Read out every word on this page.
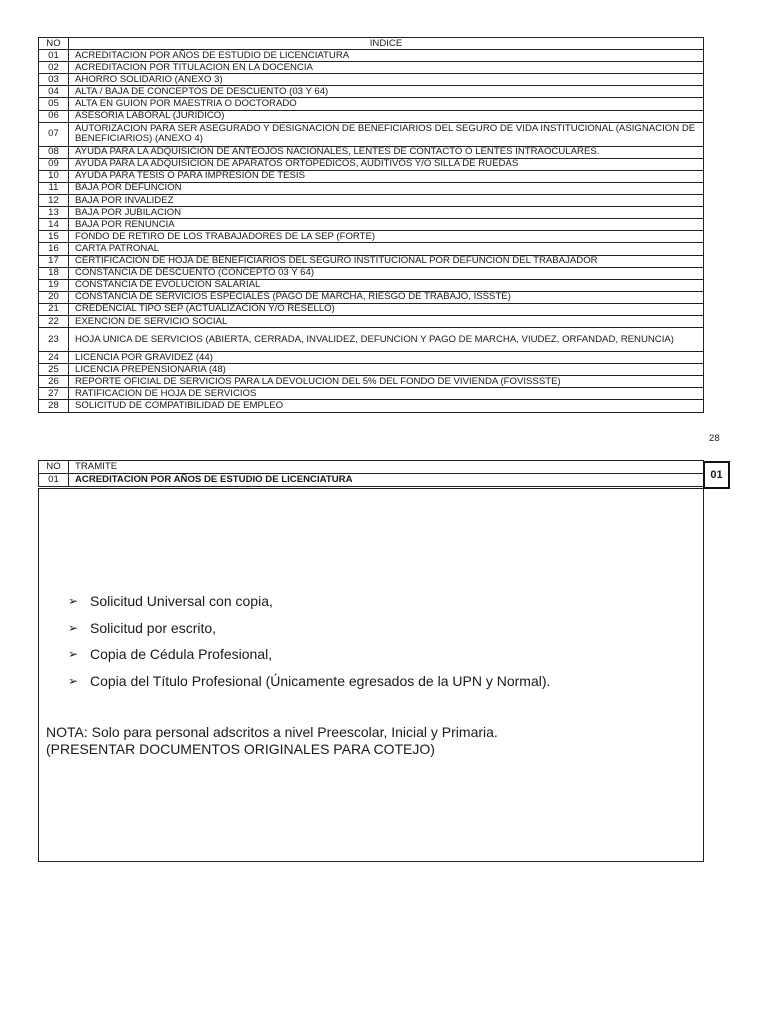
NO	INDICE
01	ACREDITACION POR AÑOS DE ESTUDIO DE LICENCIATURA
02	ACREDITACION POR TITULACION EN LA DOCENCIA
03	AHORRO SOLIDARIO (ANEXO 3)
04	ALTA / BAJA DE CONCEPTOS DE DESCUENTO (03 Y 64)
05	ALTA EN GUION POR MAESTRIA O DOCTORADO
06	ASESORIA LABORAL (JURIDICO)
07	AUTORIZACION PARA SER ASEGURADO Y DESIGNACION DE BENEFICIARIOS DEL SEGURO DE VIDA INSTITUCIONAL (ASIGNACION DE BENEFICIARIOS) (ANEXO 4)
08	AYUDA PARA LA ADQUISICION DE ANTEOJOS NACIONALES, LENTES DE CONTACTO O LENTES INTRAOCULARES.
09	AYUDA PARA LA ADQUISICION DE APARATOS ORTOPEDICOS, AUDITIVOS Y/O SILLA DE RUEDAS
10	AYUDA PARA TESIS O PARA IMPRESION DE TESIS
11	BAJA POR DEFUNCION
12	BAJA POR INVALIDEZ
13	BAJA POR JUBILACION
14	BAJA POR RENUNCIA
15	FONDO DE RETIRO DE LOS TRABAJADORES DE LA SEP (FORTE)
16	CARTA PATRONAL
17	CERTIFICACION DE HOJA DE BENEFICIARIOS DEL SEGURO INSTITUCIONAL POR DEFUNCION DEL TRABAJADOR
18	CONSTANCIA DE DESCUENTO (CONCEPTO 03 Y 64)
19	CONSTANCIA DE EVOLUCION SALARIAL
20	CONSTANCIA DE SERVICIOS ESPECIALES (PAGO DE MARCHA, RIESGO DE TRABAJO, ISSSTE)
21	CREDENCIAL TIPO SEP (ACTUALIZACION Y/O RESELLO)
22	EXENCION DE SERVICIO SOCIAL
23	HOJA UNICA DE SERVICIOS (ABIERTA, CERRADA, INVALIDEZ, DEFUNCION Y PAGO DE MARCHA, VIUDEZ, ORFANDAD, RENUNCIA)
24	LICENCIA POR GRAVIDEZ (44)
25	LICENCIA PREPENSIONARIA (48)
26	REPORTE OFICIAL DE SERVICIOS PARA LA DEVOLUCION DEL 5% DEL FONDO DE VIVIENDA (FOVISSSTE)
27	RATIFICACION DE HOJA DE SERVICIOS
28	SOLICITUD DE COMPATIBILIDAD DE EMPLEO
28
NO	TRAMITE
01	ACREDITACION POR AÑOS DE ESTUDIO DE LICENCIATURA	01
➢ Solicitud Universal con copia,
➢ Solicitud por escrito,
➢ Copia de Cédula Profesional,
➢ Copia del Título Profesional (Únicamente egresados de la UPN y Normal).
NOTA: Solo para personal adscritos a nivel Preescolar, Inicial y Primaria.
(PRESENTAR DOCUMENTOS ORIGINALES PARA COTEJO)
